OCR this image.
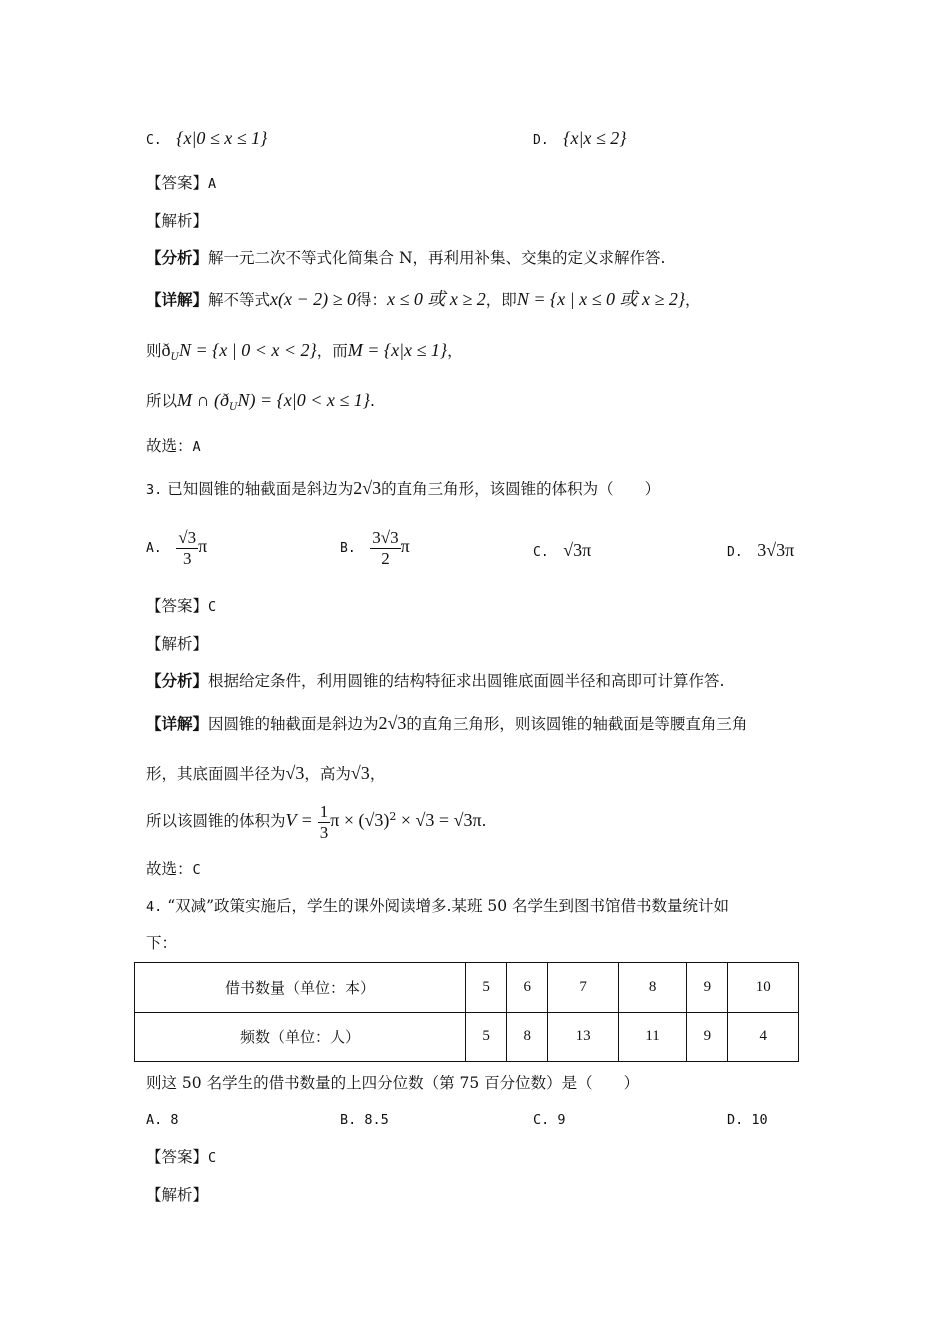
C. {x|0 ≤ x ≤ 1}	D. {x|x ≤ 2}
【答案】A
【解析】
【分析】解一元二次不等式化简集合 N，再利用补集、交集的定义求解作答.
【详解】解不等式x(x − 2) ≥ 0得：x ≤ 0 或 x ≥ 2，即N = {x | x ≤ 0 或 x ≥ 2}，
则$ð_UN = \{x$ | 0 < x < 2}，而M = {x|x ≤ 1}，
所以M ∩ $(ð_UN) = \{x|0 < x \le 1\}$.
故选：A
3. 已知圆锥的轴截面是斜边为2√3的直角三角形，该圆锥的体积为（　　）
A. $\frac{√3}{3}$ π	B. $\frac{3√3}{2}$ π	C. √3π	D. 3√3π
【答案】C
【解析】
【分析】根据给定条件，利用圆锥的结构特征求出圆锥底面圆半径和高即可计算作答.
【详解】因圆锥的轴截面是斜边为2√3的直角三角形，则该圆锥的轴截面是等腰直角三角
形，其底面圆半径为√3，高为√3，
所以该圆锥的体积为$V = \frac{1}{3}$ $\pi \times (√3)^2 \times √3 = √3\pi$.
故选：C
4. “双减”政策实施后，学生的课外阅读增多.某班 50 名学生到图书馆借书数量统计如
下：
借书数量（单位：本）	5	6	7	8	9	10
频数（单位：人）	5	8	13	11	9	4
则这 50 名学生的借书数量的上四分位数（第 75 百分位数）是（　　）
A. 8	B. 8.5	C. 9	D. 10
【答案】C
【解析】
